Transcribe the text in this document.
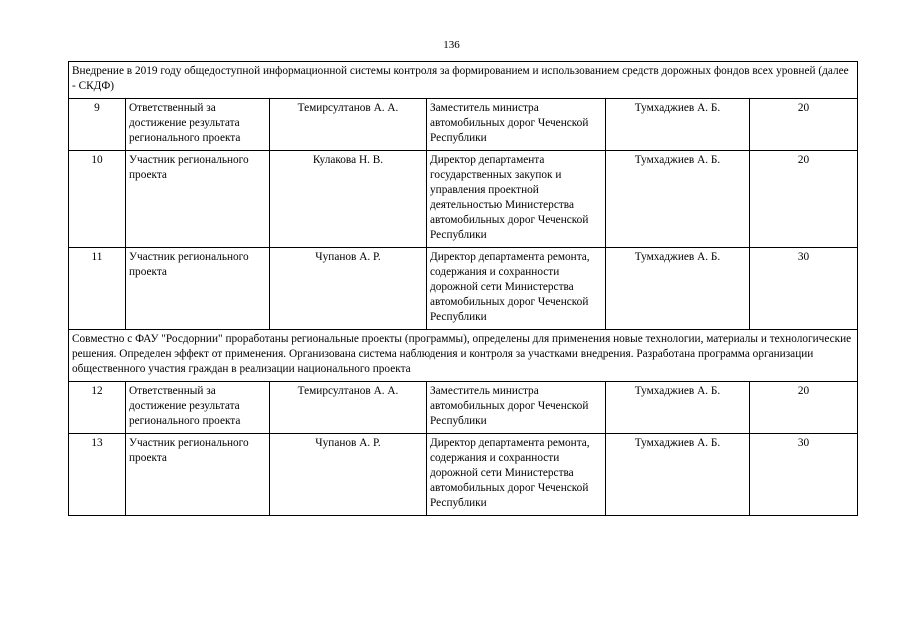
136
Внедрение в 2019 году общедоступной информационной системы контроля за формированием и использованием средств дорожных фондов всех уровней (далее - СКДФ)					
9	Ответственный за достижение результата регионального проекта	Темирсултанов А. А.	Заместитель министра автомобильных дорог Чеченской Республики	Тумхаджиев А. Б.	20
10	Участник регионального проекта	Кулакова Н. В.	Директор департамента государственных закупок и управления проектной деятельностью Министерства автомобильных дорог Чеченской Республики	Тумхаджиев А. Б.	20
11	Участник регионального проекта	Чупанов А. Р.	Директор департамента ремонта, содержания и сохранности дорожной сети Министерства автомобильных дорог Чеченской Республики	Тумхаджиев А. Б.	30
Совместно с ФАУ "Росдорнии" проработаны региональные проекты (программы), определены для применения новые технологии, материалы и технологические решения. Определен эффект от применения. Организована система наблюдения и контроля за участками внедрения. Разработана программа организации общественного участия граждан в реализации национального проекта					
12	Ответственный за достижение результата регионального проекта	Темирсултанов А. А.	Заместитель министра автомобильных дорог Чеченской Республики	Тумхаджиев А. Б.	20
13	Участник регионального проекта	Чупанов А. Р.	Директор департамента ремонта, содержания и сохранности дорожной сети Министерства автомобильных дорог Чеченской Республики	Тумхаджиев А. Б.	30
